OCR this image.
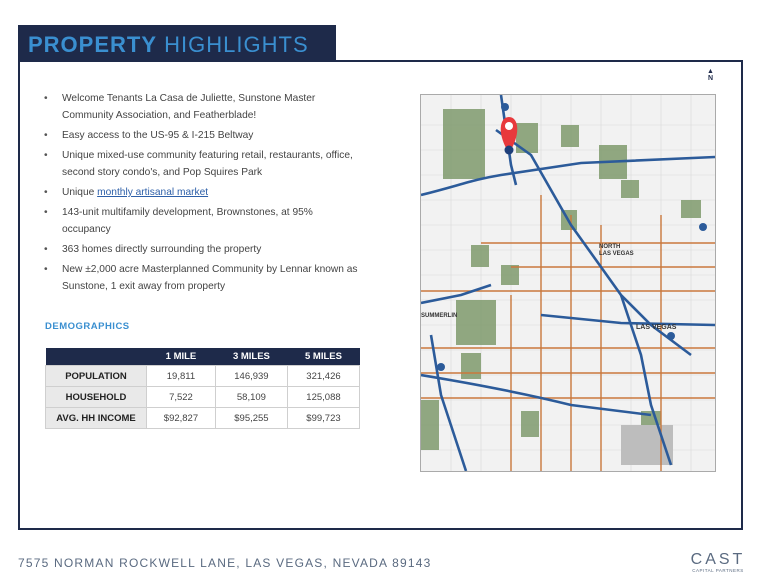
PROPERTY HIGHLIGHTS
• Welcome Tenants La Casa de Juliette, Sunstone Master Community Association, and Featherblade!
• Easy access to the US-95 & I-215 Beltway
• Unique mixed-use community featuring retail, restaurants, office, second story condo's, and Pop Squires Park
• Unique monthly artisanal market
• 143-unit multifamily development, Brownstones, at 95% occupancy
• 363 homes directly surrounding the property
• New ±2,000 acre Masterplanned Community by Lennar known as Sunstone, 1 exit away from property
DEMOGRAPHICS
	1 MILE	3 MILES	5 MILES
POPULATION	19,811	146,939	321,426
HOUSEHOLD	7,522	58,109	125,088
AVG. HH INCOME	$92,827	$95,255	$99,723
▲
N
NORTH LAS VEGAS
LAS VEGAS
SUMMERLIN
7575 NORMAN ROCKWELL LANE, LAS VEGAS, NEVADA 89143	CAST
CAPITAL PARTNERS
